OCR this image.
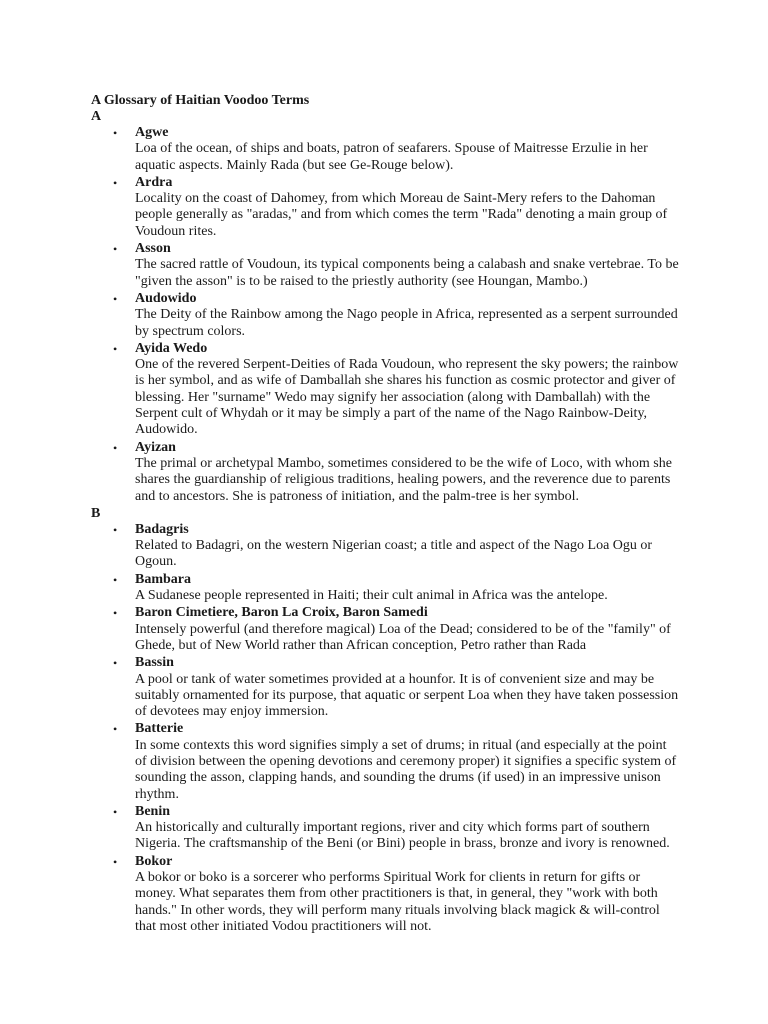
A Glossary of Haitian Voodoo Terms
A
• Agwe
Loa of the ocean, of ships and boats, patron of seafarers. Spouse of Maitresse Erzulie in her aquatic aspects. Mainly Rada (but see Ge-Rouge below).
• Ardra
Locality on the coast of Dahomey, from which Moreau de Saint-Mery refers to the Dahoman people generally as "aradas," and from which comes the term "Rada" denoting a main group of Voudoun rites.
• Asson
The sacred rattle of Voudoun, its typical components being a calabash and snake vertebrae. To be "given the asson" is to be raised to the priestly authority (see Houngan, Mambo.)
• Audowido
The Deity of the Rainbow among the Nago people in Africa, represented as a serpent surrounded by spectrum colors.
• Ayida Wedo
One of the revered Serpent-Deities of Rada Voudoun, who represent the sky powers; the rainbow is her symbol, and as wife of Damballah she shares his function as cosmic protector and giver of blessing. Her "surname" Wedo may signify her association (along with Damballah) with the Serpent cult of Whydah or it may be simply a part of the name of the Nago Rainbow-Deity, Audowido.
• Ayizan
The primal or archetypal Mambo, sometimes considered to be the wife of Loco, with whom she shares the guardianship of religious traditions, healing powers, and the reverence due to parents and to ancestors. She is patroness of initiation, and the palm-tree is her symbol.
B
• Badagris
Related to Badagri, on the western Nigerian coast; a title and aspect of the Nago Loa Ogu or Ogoun.
• Bambara
A Sudanese people represented in Haiti; their cult animal in Africa was the antelope.
• Baron Cimetiere, Baron La Croix, Baron Samedi
Intensely powerful (and therefore magical) Loa of the Dead; considered to be of the "family" of Ghede, but of New World rather than African conception, Petro rather than Rada
• Bassin
A pool or tank of water sometimes provided at a hounfor. It is of convenient size and may be suitably ornamented for its purpose, that aquatic or serpent Loa when they have taken possession of devotees may enjoy immersion.
• Batterie
In some contexts this word signifies simply a set of drums; in ritual (and especially at the point of division between the opening devotions and ceremony proper) it signifies a specific system of sounding the asson, clapping hands, and sounding the drums (if used) in an impressive unison rhythm.
• Benin
An historically and culturally important regions, river and city which forms part of southern Nigeria. The craftsmanship of the Beni (or Bini) people in brass, bronze and ivory is renowned.
• Bokor
A bokor or boko is a sorcerer who performs Spiritual Work for clients in return for gifts or money. What separates them from other practitioners is that, in general, they "work with both hands." In other words, they will perform many rituals involving black magick & will-control that most other initiated Vodou practitioners will not.
